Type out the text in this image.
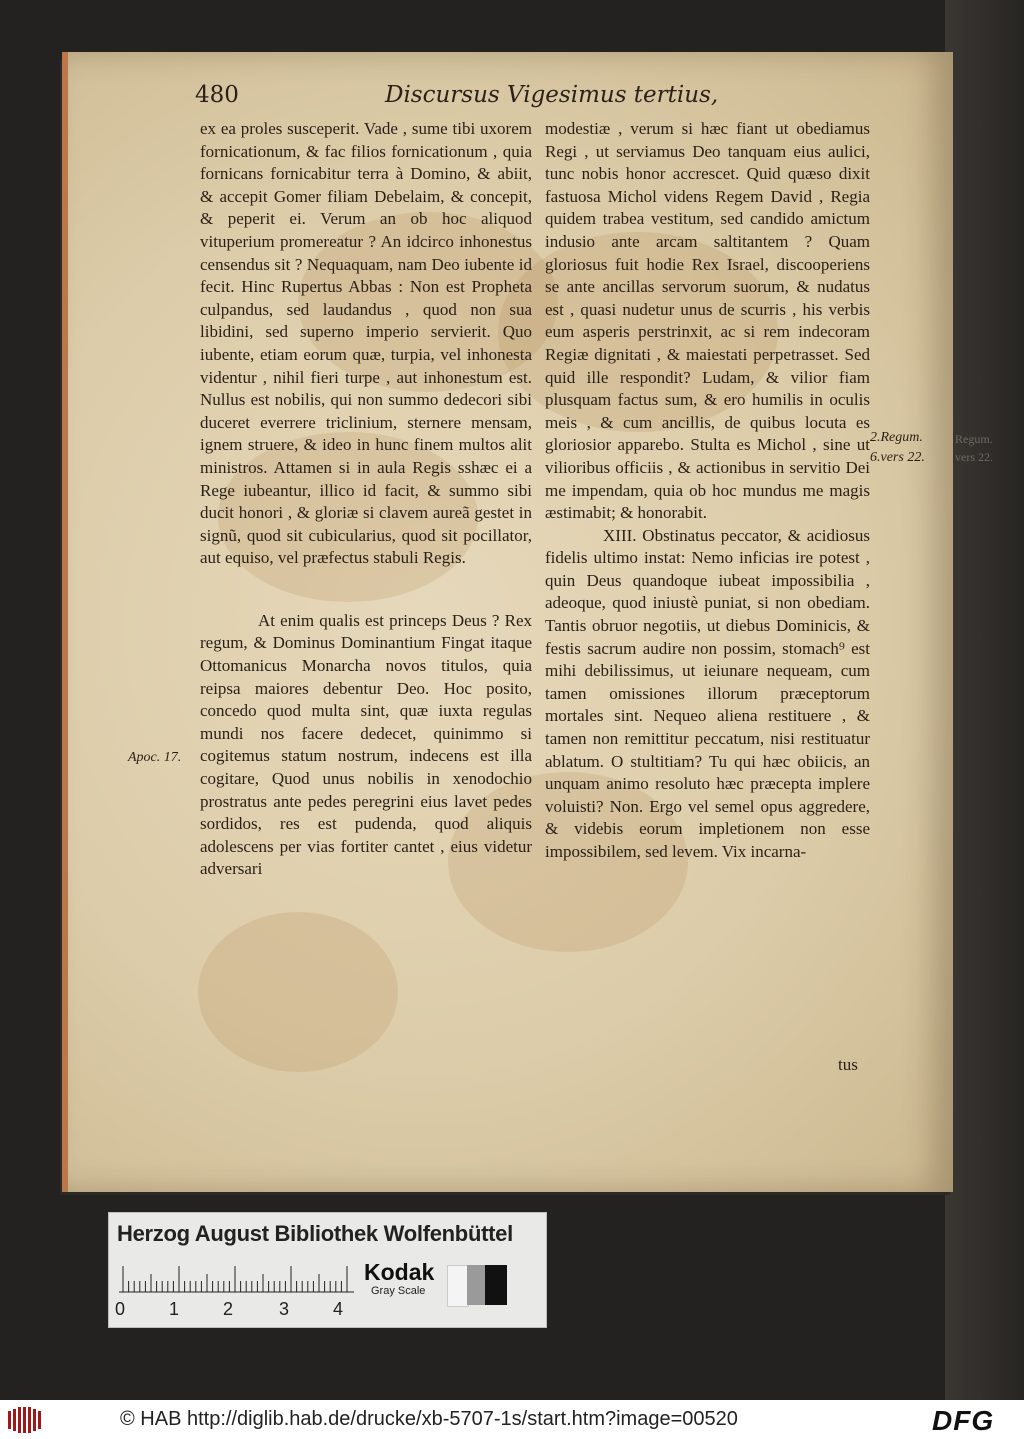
Regum.
vers 22.
480	Discursus Vigesimus tertius,

ex ea proles susceperit. Vade , sume tibi uxorem fornicationum, & fac filios fornicationum , quia fornicans fornicabitur terra à Domino, & abiit, & accepit Gomer filiam Debelaim, & concepit, & peperit ei. Verum an ob hoc aliquod vituperium promereatur ? An idcirco inhonestus censendus sit ? Nequaquam, nam Deo iubente id fecit. Hinc Rupertus Abbas : Non est Propheta culpandus, sed laudandus , quod non sua libidini, sed superno imperio servierit. Quo iubente, etiam eorum quæ, turpia, vel inhonesta videntur , nihil fieri turpe , aut inhonestum est. Nullus est nobilis, qui non summo dedecori sibi duceret everrere triclinium, sternere mensam, ignem struere, & ideo in hunc finem multos alit ministros. Attamen si in aula Regis sshæc ei a Rege iubeantur, illico id facit, & summo sibi ducit honori , & gloriæ si clavem aureã gestet in signũ, quod sit cubicularius, quod sit pocillator, aut equiso, vel præfectus stabuli Regis.

At enim qualis est princeps Deus ? Rex regum, & Dominus Dominantium Fingat itaque Ottomanicus Monarcha novos titulos, quia reipsa maiores debentur Deo. Hoc posito, concedo quod multa sint, quæ iuxta regulas mundi nos facere dedecet, quinimmo si cogitemus statum nostrum, indecens est illa cogitare, Quod unus nobilis in xenodochio prostratus ante pedes peregrini eius lavet pedes sordidos, res est pudenda, quod aliquis adolescens per vias fortiter cantet , eius videtur adversari

modestiæ , verum si hæc fiant ut obediamus Regi , ut serviamus Deo tanquam eius aulici, tunc nobis honor accrescet. Quid quæso dixit fastuosa Michol videns Regem David , Regia quidem trabea vestitum, sed candido amictum indusio ante arcam saltitantem ? Quam gloriosus fuit hodie Rex Israel, discooperiens se ante ancillas servorum suorum, & nudatus est , quasi nudetur unus de scurris , his verbis eum asperis perstrinxit, ac si rem indecoram Regiæ dignitati , & maiestati perpetrasset. Sed quid ille respondit? Ludam, & vilior fiam plusquam factus sum, & ero humilis in oculis meis , & cum ancillis, de quibus locuta es gloriosior apparebo. Stulta es Michol , sine ut vilioribus officiis , & actionibus in servitio Dei me impendam, quia ob hoc mundus me magis æstimabit; & honorabit.

XIII. Obstinatus peccator, & acidiosus fidelis ultimo instat: Nemo inficias ire potest , quin Deus quandoque iubeat impossibilia , adeoque, quod iniustè puniat, si non obediam. Tantis obruor negotiis, ut diebus Dominicis, & festis sacrum audire non possim, stomach⁹ est mihi debilissimus, ut ieiunare nequeam, cum tamen omissiones illorum præceptorum mortales sint. Nequeo aliena restituere , & tamen non remittitur peccatum, nisi restituatur ablatum. O stultitiam? Tu qui hæc obiicis, an unquam animo resoluto hæc præcepta implere voluisti? Non. Ergo vel semel opus aggredere, & videbis eorum impletionem non esse impossibilem, sed levem. Vix incarna-

2.Regum.
6.vers 22.
Apoc. 17.
tus
Herzog August Bibliothek Wolfenbüttel
0 1 2	3 4
Kodak
Gray Scale
© HAB http://diglib.hab.de/drucke/xb-5707-1s/start.htm?image=00520	DFG
